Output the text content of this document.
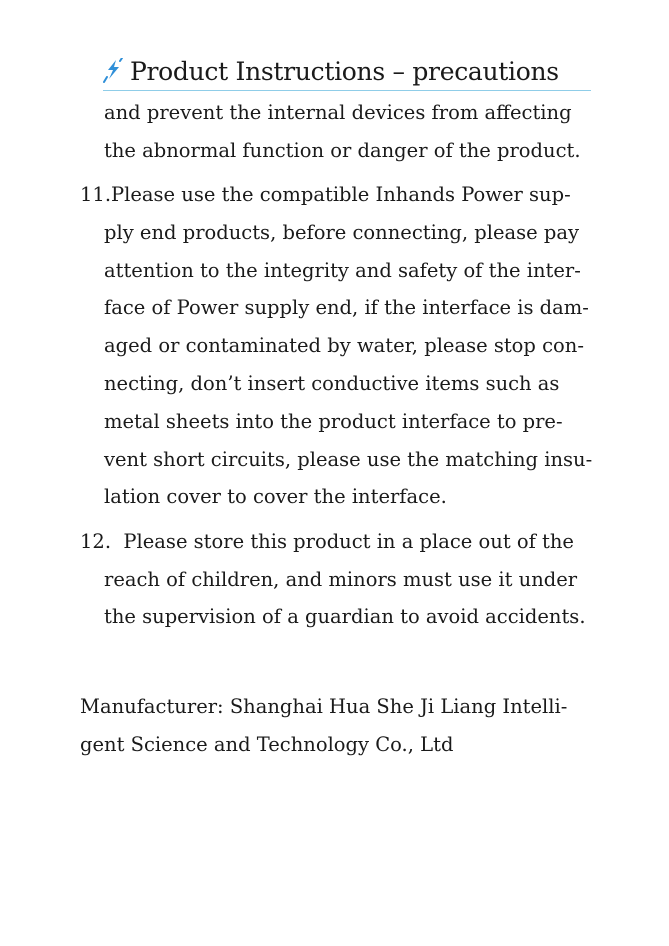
Product Instructions – precautions
and prevent the internal devices from affecting
the abnormal function or danger of the product.
11.Please use the compatible Inhands Power sup-
ply end products, before connecting, please pay
attention to the integrity and safety of the inter-
face of Power supply end, if the interface is dam-
aged or contaminated by water, please stop con-
necting, don’t insert conductive items such as
metal sheets into the product interface to pre-
vent short circuits, please use the matching insu-
lation cover to cover the interface.
12.  Please store this product in a place out of the
reach of children, and minors must use it under
the supervision of a guardian to avoid accidents.
Manufacturer: Shanghai Hua She Ji Liang Intelli-
gent Science and Technology Co., Ltd
